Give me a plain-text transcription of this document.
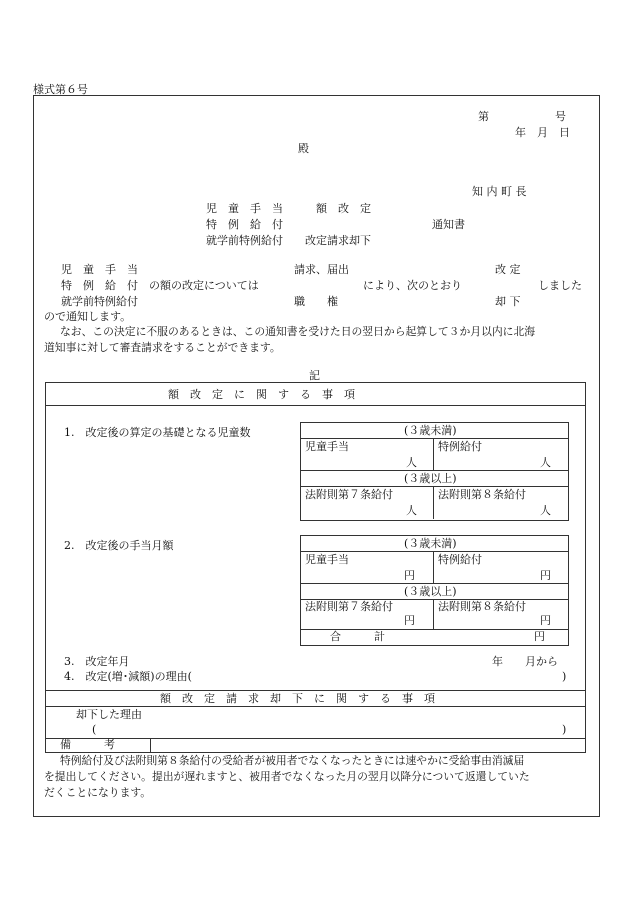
様式第６号
第　　　　　　号
年　月　日
殿
知 内 町 長
児　童　手　当　　　額　改　定
特　例　給　付	通知書
就学前特例給付　　改定請求却下
児　童　手　当	請求、届出	改 定
特　例　給　付　の額の改定については	により、次のとおり	しました
就学前特例給付	職　　権	却 下
ので通知します。
なお、この決定に不服のあるときは、この通知書を受けた日の翌日から起算して３か月以内に北海
道知事に対して審査請求をすることができます。
記
額　改　定　に　関　す　る　事　項
1.　改定後の算定の基礎となる児童数	(３歳未満)
児童手当	特例給付
人	人
(３歳以上)
法附則第７条給付	法附則第８条給付
人	人
2.　改定後の手当月額	(３歳未満)
児童手当	特例給付
円	円
(３歳以上)
法附則第７条給付	法附則第８条給付
円	円
合　　　計	円
3.　改定年月	年　　月から
4.　改定(増･減額)の理由(	)
額　改　定　請　求　却　下　に　関　す　る　事　項
却下した理由
(	)
備　　　考
特例給付及び法附則第８条給付の受給者が被用者でなくなったときには速やかに受給事由消滅届
を提出してください。提出が遅れますと、被用者でなくなった月の翌月以降分について返還していた
だくことになります。
